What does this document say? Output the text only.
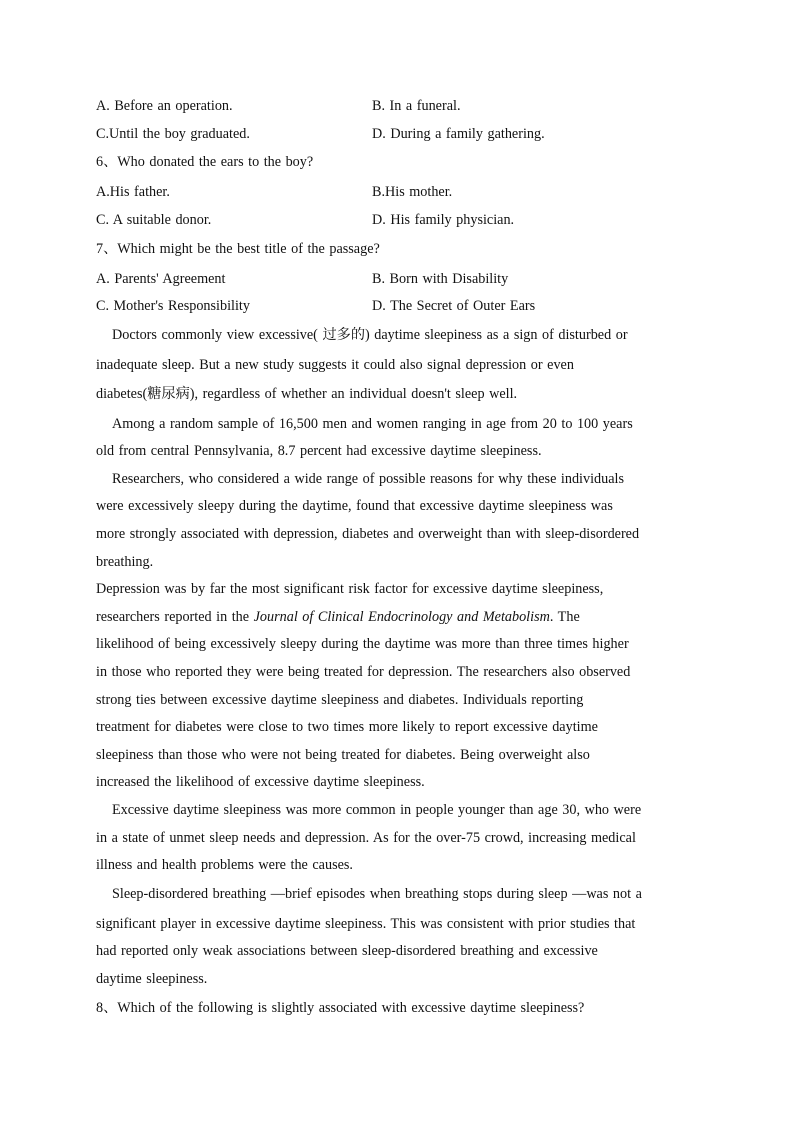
A. Before an operation.	B. In a funeral.
C.Until the boy graduated.	D. During a family gathering.
6、Who donated the ears to the boy?
A.His father.	B.His mother.
C. A suitable donor.	D. His family physician.
7、Which might be the best title of the passage?
A. Parents' Agreement	B. Born with Disability
C. Mother's Responsibility	D. The Secret of Outer Ears
Doctors commonly view excessive( 过多的) daytime sleepiness as a sign of disturbed or
inadequate sleep. But a new study suggests it could also signal depression or even
diabetes(糖尿病), regardless of whether an individual doesn't sleep well.
Among a random sample of 16,500 men and women ranging in age from 20 to 100 years
old from central Pennsylvania, 8.7 percent had excessive daytime sleepiness.
Researchers, who considered a wide range of possible reasons for why these individuals
were excessively sleepy during the daytime, found that excessive daytime sleepiness was
more strongly associated with depression, diabetes and overweight than with sleep-disordered
breathing.
Depression was by far the most significant risk factor for excessive daytime sleepiness,
researchers reported in the Journal of Clinical Endocrinology and Metabolism. The
likelihood of being excessively sleepy during the daytime was more than three times higher
in those who reported they were being treated for depression. The researchers also observed
strong ties between excessive daytime sleepiness and diabetes. Individuals reporting
treatment for diabetes were close to two times more likely to report excessive daytime
sleepiness than those who were not being treated for diabetes. Being overweight also
increased the likelihood of excessive daytime sleepiness.
Excessive daytime sleepiness was more common in people younger than age 30, who were
in a state of unmet sleep needs and depression. As for the over-75 crowd, increasing medical
illness and health problems were the causes.
Sleep-disordered breathing —brief episodes when breathing stops during sleep —was not a
significant player in excessive daytime sleepiness. This was consistent with prior studies that
had reported only weak associations between sleep-disordered breathing and excessive
daytime sleepiness.
8、Which of the following is slightly associated with excessive daytime sleepiness?
